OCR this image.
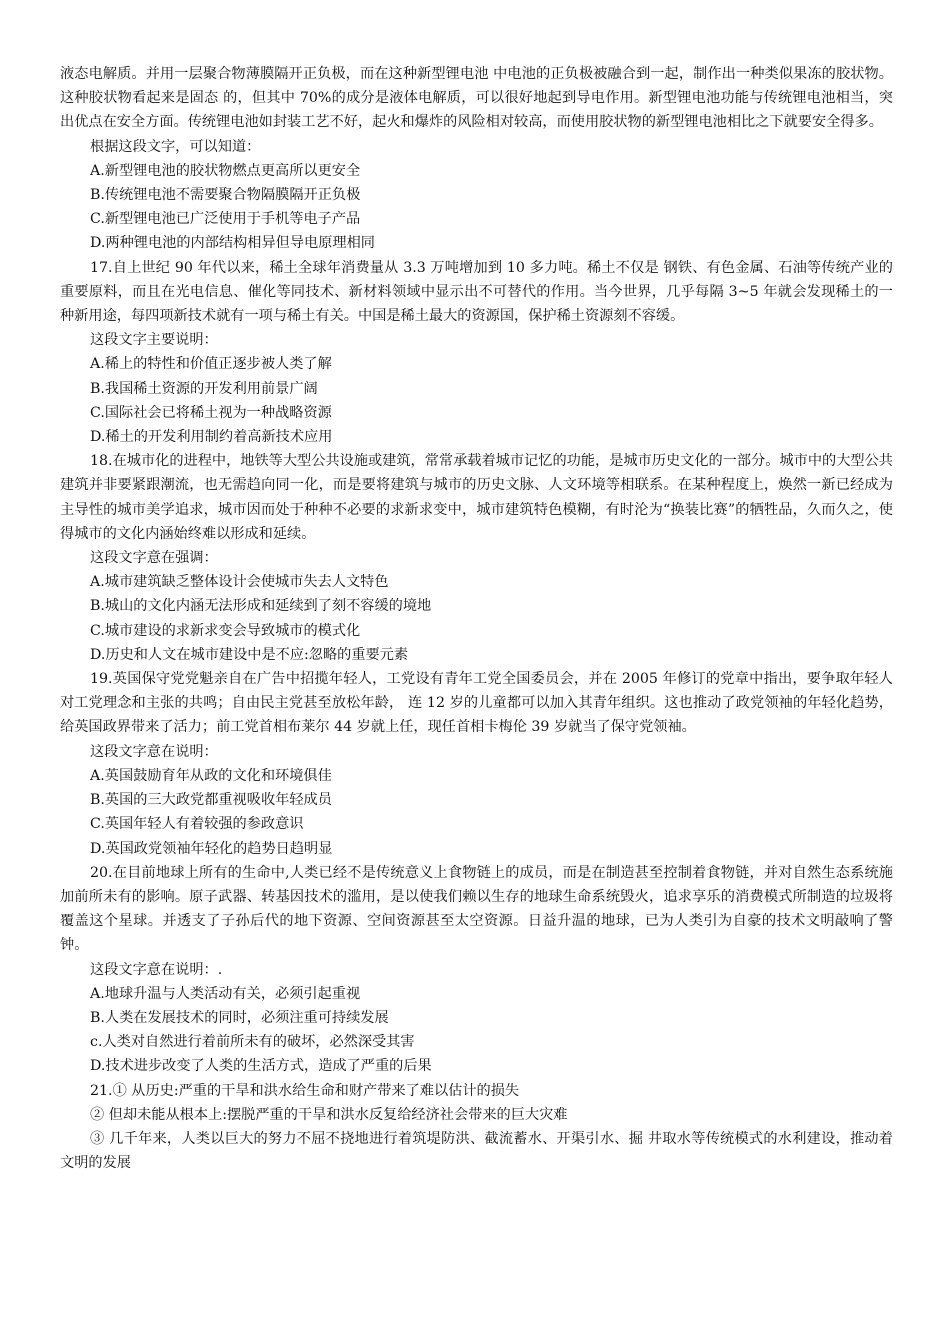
液态电解质。并用一层聚合物薄膜隔开正负极，而在这种新型锂电池 中电池的正负极被融合到一起，制作出一种类似果冻的胶状物。这种胶状物看起来是固态 的，但其中 70%的成分是液体电解质，可以很好地起到导电作用。新型锂电池功能与传统锂电池相当，突出优点在安全方面。传统锂电池如封装工艺不好，起火和爆炸的风险相对较高，而使用胶状物的新型锂电池相比之下就要安全得多。

根据这段文字，可以知道：

A.新型锂电池的胶状物燃点更高所以更安全

B.传统锂电池不需要聚合物隔膜隔开正负极

C.新型锂电池已广泛使用于手机等电子产品

D.两种锂电池的内部结构相异但导电原理相同

17.自上世纪 90 年代以来，稀土全球年消费量从 3.3 万吨增加到 10 多力吨。稀土不仅是 钢铁、有色金属、石油等传统产业的重要原料，而且在光电信息、催化等同技术、新材料领域中显示出不可替代的作用。当今世界，几乎每隔 3~5 年就会发现稀土的一种新用途，每四项新技术就有一项与稀土有关。中国是稀土最大的资源国，保护稀土资源刻不容缓。

这段文字主要说明：

A.稀上的特性和价值正逐步被人类了解

B.我国稀土资源的开发利用前景广阔

C.国际社会已将稀土视为一种战略资源

D.稀土的开发利用制约着高新技术应用

18.在城市化的进程中，地铁等大型公共设施或建筑，常常承载着城市记忆的功能，是城市历史文化的一部分。城市中的大型公共建筑并非要紧跟潮流，也无需趋向同一化，而是要将建筑与城市的历史文脉、人文环境等相联系。在某种程度上，焕然一新已经成为主导性的城市美学追求，城市因而处于种种不必要的求新求变中，城市建筑特色模糊，有时沦为“换装比赛”的牺牲品，久而久之，使得城市的文化内涵始终难以形成和延续。

这段文字意在强调：

A.城市建筑缺乏整体设计会使城市失去人文特色

B.城山的文化内涵无法形成和延续到了刻不容缓的境地

C.城市建设的求新求变会导致城市的模式化

D.历史和人文在城市建设中是不应:忽略的重要元素

19.英国保守党党魁亲自在广告中招揽年轻人，工党设有青年工党全国委员会，并在 2005 年修订的党章中指出，要争取年轻人对工党理念和主张的共鸣；自由民主党甚至放松年龄， 连 12 岁的儿童都可以加入其青年组织。这也推动了政党领袖的年轻化趋势，给英国政界带来了活力；前工党首相布莱尔 44 岁就上任，现任首相卡梅伦 39 岁就当了保守党领袖。

这段文字意在说明：

A.英国鼓励育年从政的文化和环境俱佳

B.英国的三大政党都重视吸收年轻成员

C.英国年轻人有着较强的参政意识

D.英国政党领袖年轻化的趋势日趋明显

20.在目前地球上所有的生命中,人类已经不是传统意义上食物链上的成员，而是在制造甚至控制着食物链，并对自然生态系统施加前所未有的影响。原子武器、转基因技术的滥用，是以使我们赖以生存的地球生命系统毁火，追求享乐的消费模式所制造的垃圾将覆盖这个星球。并透支了子孙后代的地下资源、空间资源甚至太空资源。日益升温的地球，已为人类引为自豪的技术文明敲响了警钟。

这段文字意在说明：.

A.地球升温与人类活动有关，必须引起重视

B.人类在发展技术的同时，必须注重可持续发展

c.人类对自然进行着前所未有的破坏，必然深受其害

D.技术进步改变了人类的生活方式，造成了严重的后果

21.① 从历史:严重的干旱和洪水给生命和财产带来了难以估计的损失

② 但却未能从根本上:摆脱严重的干旱和洪水反复给经济社会带来的巨大灾难

③ 几千年来，人类以巨大的努力不屈不挠地进行着筑堤防洪、截流蓄水、开渠引水、掘 井取水等传统模式的水利建设，推动着文明的发展
